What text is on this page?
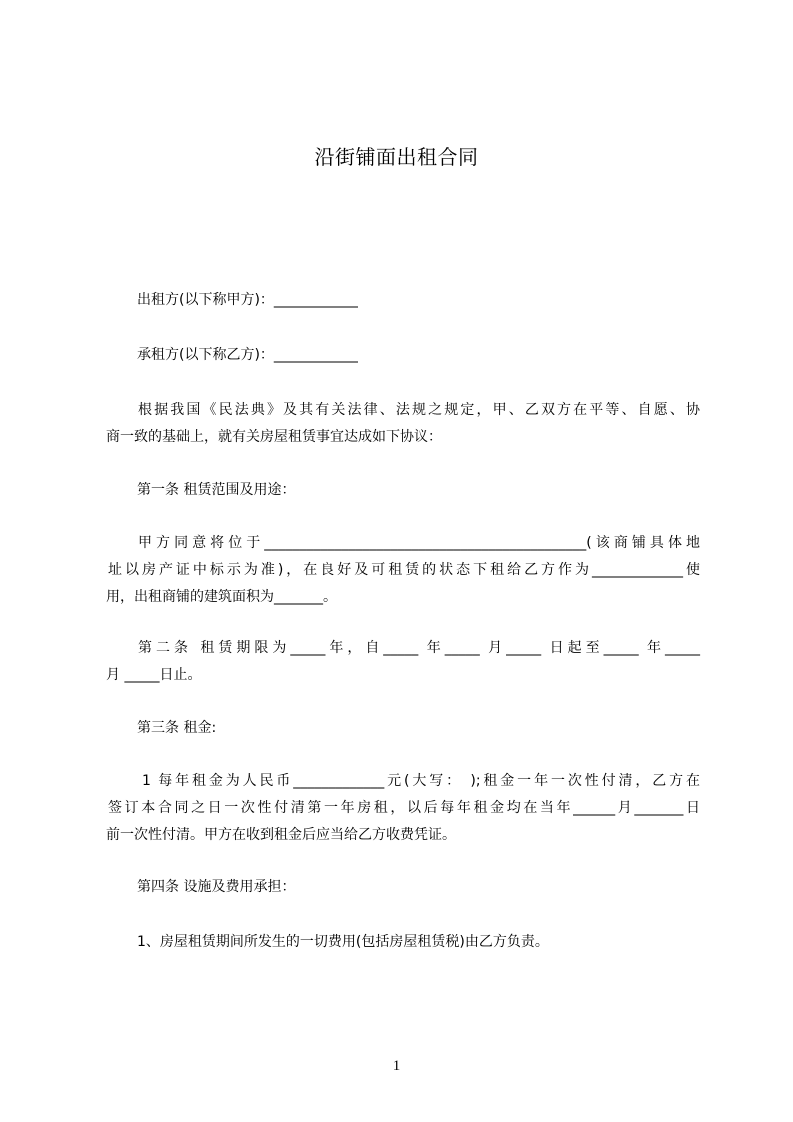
沿街铺面出租合同
出租方(以下称甲方)：____________
承租方(以下称乙方)：____________
根据我国《民法典》及其有关法律、法规之规定，甲、乙双方在平等、自愿、协
商一致的基础上，就有关房屋租赁事宜达成如下协议：
第一条 租赁范围及用途：
甲方同意将位于______________________________________________(该商铺具体地
址以房产证中标示为准)，在良好及可租赁的状态下租给乙方作为_____________使
用，出租商铺的建筑面积为_______。
第二条 租赁期限为_____年，自_____ 年_____ 月_____ 日起至_____ 年_____
月 _____日止。
第三条 租金:
1 每年租金为人民币_____________元(大写： );租金一年一次性付清，乙方在
签订本合同之日一次性付清第一年房租，以后每年租金均在当年______月_______日
前一次性付清。甲方在收到租金后应当给乙方收费凭证。
第四条 设施及费用承担：
1、房屋租赁期间所发生的一切费用(包括房屋租赁税)由乙方负责。
1
